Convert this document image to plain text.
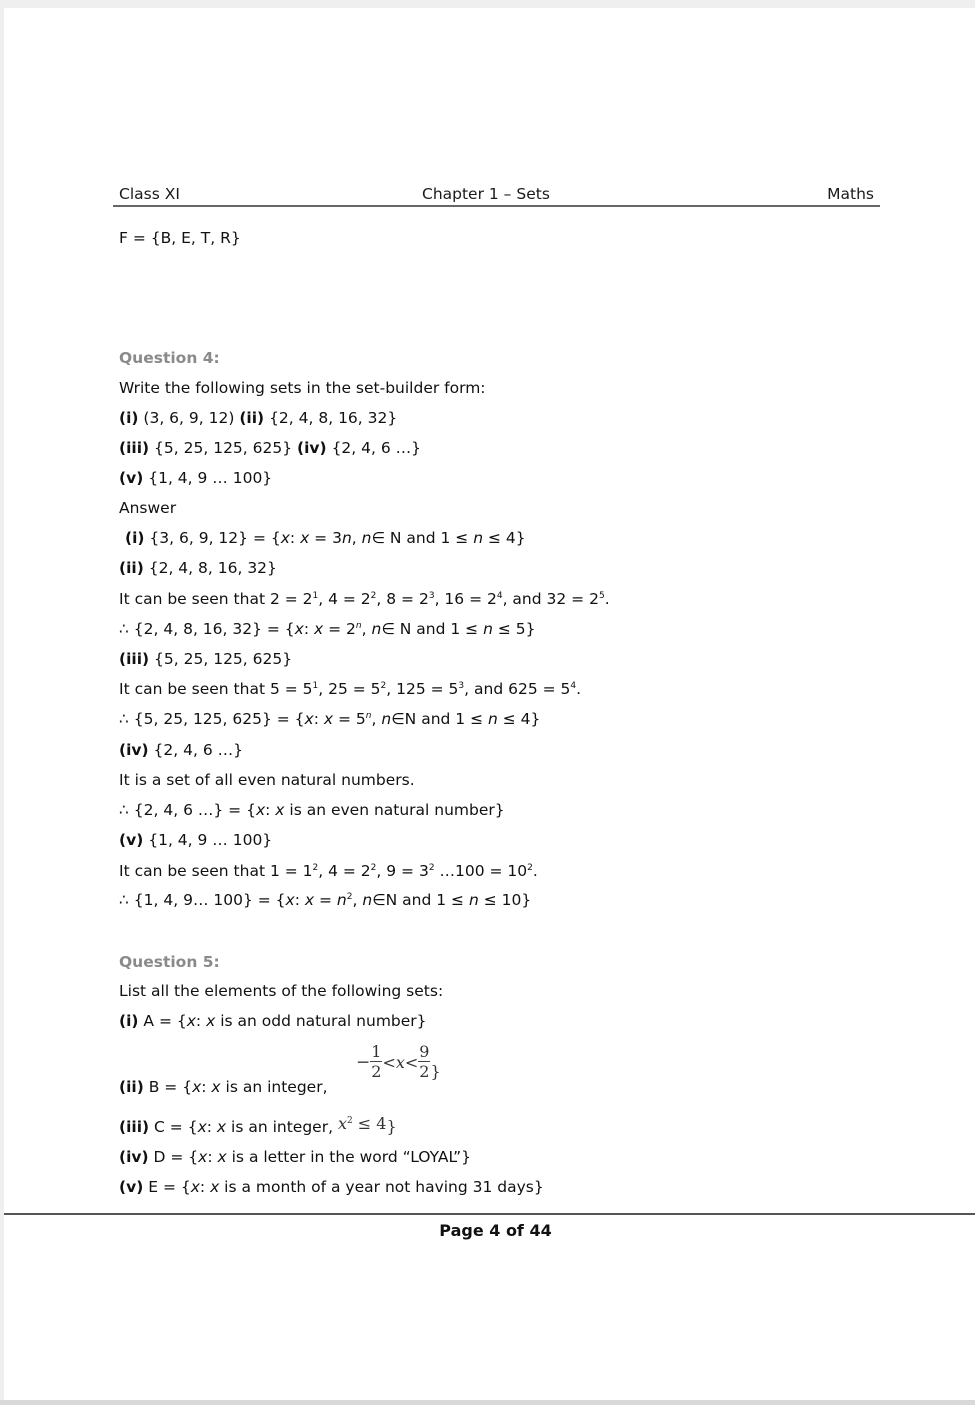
Class XI	Chapter 1 – Sets	Maths
F = {B, E, T, R}
Question 4:
Write the following sets in the set-builder form:
(i) (3, 6, 9, 12) (ii) {2, 4, 8, 16, 32}
(iii) {5, 25, 125, 625} (iv) {2, 4, 6 …}
(v) {1, 4, 9 … 100}
Answer
(i) {3, 6, 9, 12} = {x: x = 3n, n∈ N and 1 ≤ n ≤ 4}
(ii) {2, 4, 8, 16, 32}
It can be seen that $2 = 2^1$, $4 = 2^2$, $8 = 2^3$, $16 = 2^4$, and $32 = 2^5$.
∴ {2, 4, 8, 16, 32} = {x: $x = 2^n$, n∈ N and 1 ≤ n ≤ 5}
(iii) {5, 25, 125, 625}
It can be seen that $5 = 5^1$, $25 = 5^2$, $125 = 5^3$, and $625 = 5^4$.
∴ {5, 25, 125, 625} = {x: $x = 5^n$, n∈N and 1 ≤ n ≤ 4}
(iv) {2, 4, 6 …}
It is a set of all even natural numbers.
∴ {2, 4, 6 …} = {x: x is an even natural number}
(v) {1, 4, 9 … 100}
It can be seen that $1 = 1^2$, $4 = 2^2$, $9 = 3^2$ …100 = $10^2$.
∴ {1, 4, 9… 100} = {x: $x = n^2$, n∈N and 1 ≤ n ≤ 10}
Question 5:
List all the elements of the following sets:
(i) A = {x: x is an odd natural number}
(ii) B = {x: x is an integer,
− $\frac{1}{2} <x< \frac{9}{2}$ }
(iii) C = {x: x is an integer, $x^2 \le 4$}
(iv) D = {x: x is a letter in the word “LOYAL”}
(v) E = {x: x is a month of a year not having 31 days}
Page 4 of 44
